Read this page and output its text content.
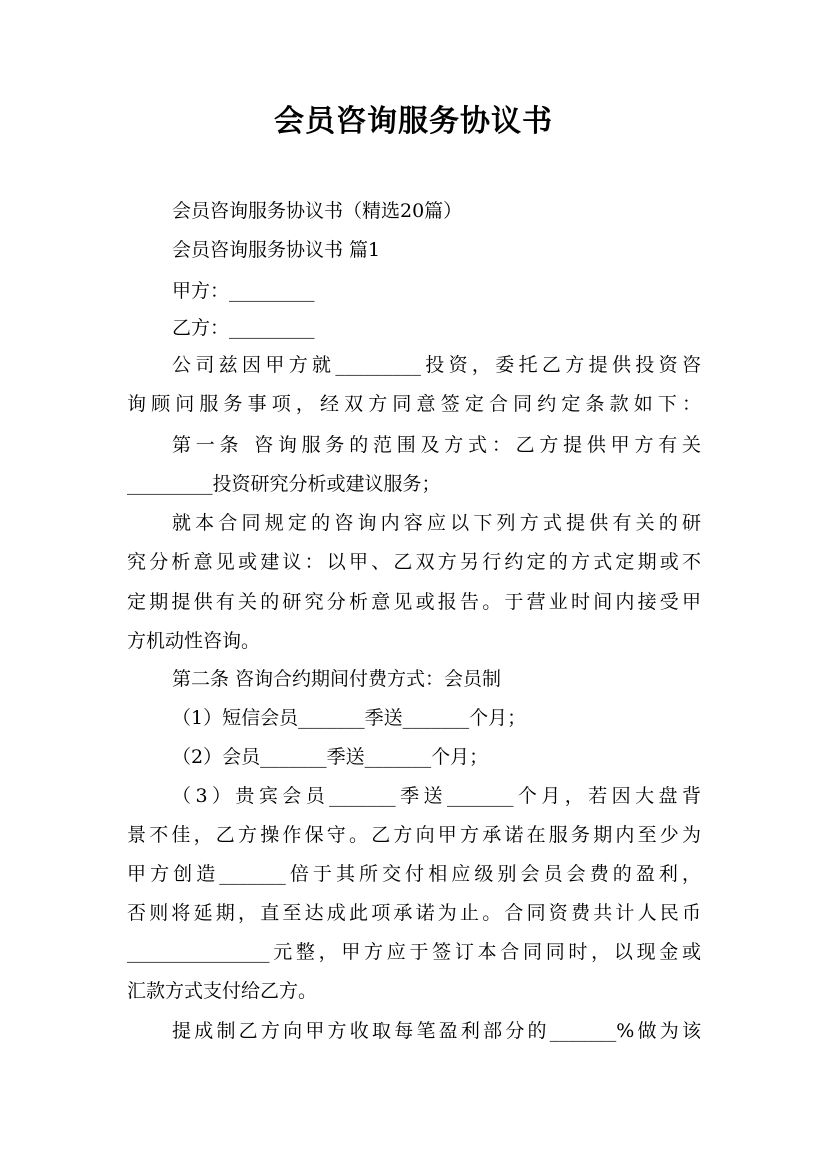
会员咨询服务协议书
会员咨询服务协议书（精选20篇）
会员咨询服务协议书 篇1
甲方：_________
乙方：_________
公司兹因甲方就_________投资，委托乙方提供投资咨
询顾问服务事项，经双方同意签定合同约定条款如下：
第一条 咨询服务的范围及方式：乙方提供甲方有关
_________投资研究分析或建议服务；
就本合同规定的咨询内容应以下列方式提供有关的研
究分析意见或建议：以甲、乙双方另行约定的方式定期或不
定期提供有关的研究分析意见或报告。于营业时间内接受甲
方机动性咨询。
第二条 咨询合约期间付费方式：会员制
（1）短信会员_______季送_______个月；
（2）会员_______季送_______个月；
（3）贵宾会员_______季送_______个月，若因大盘背
景不佳，乙方操作保守。乙方向甲方承诺在服务期内至少为
甲方创造_______倍于其所交付相应级别会员会费的盈利，
否则将延期，直至达成此项承诺为止。合同资费共计人民币
_______________元整，甲方应于签订本合同同时，以现金或
汇款方式支付给乙方。
提成制乙方向甲方收取每笔盈利部分的_______%做为该
